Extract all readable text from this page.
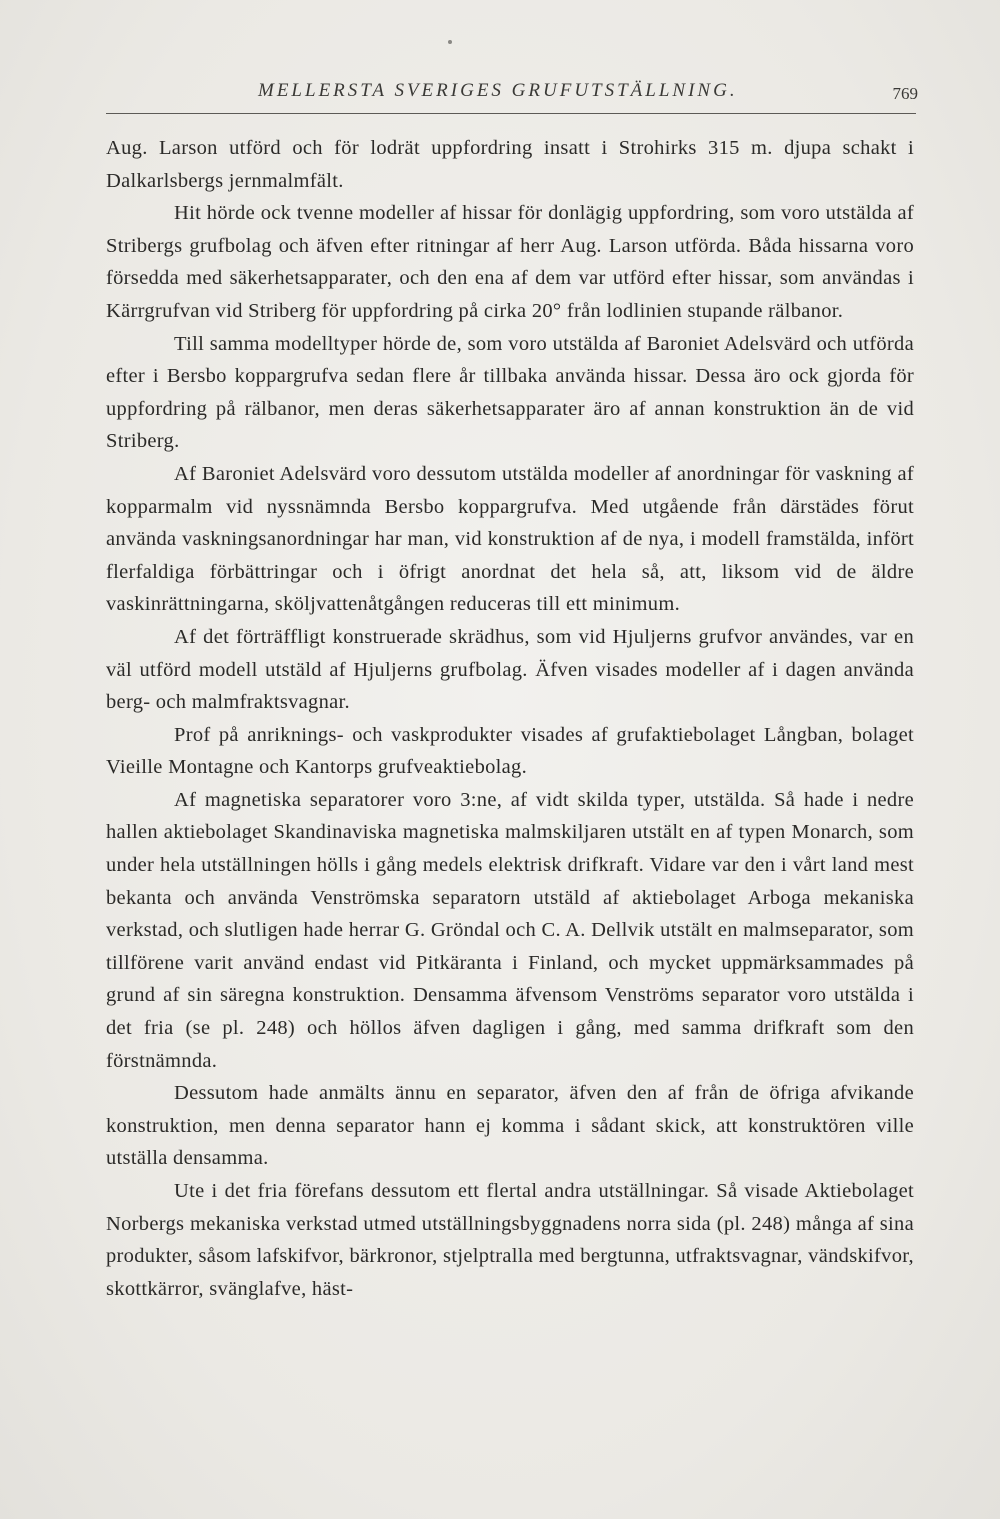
MELLERSTA SVERIGES GRUFUTSTÄLLNING.	769

Aug. Larson utförd och för lodrät uppfordring insatt i Strohirks 315 m. djupa schakt i Dalkarlsbergs jernmalmfält.

Hit hörde ock tvenne modeller af hissar för donlägig uppfordring, som voro utstälda af Stribergs grufbolag och äfven efter ritningar af herr Aug. Larson utförda. Båda hissarna voro försedda med säkerhetsapparater, och den ena af dem var utförd efter hissar, som användas i Kärrgrufvan vid Striberg för uppfordring på cirka 20° från lodlinien stupande rälbanor.

Till samma modelltyper hörde de, som voro utstälda af Baroniet Adelsvärd och utförda efter i Bersbo koppargrufva sedan flere år tillbaka använda hissar. Dessa äro ock gjorda för uppfordring på rälbanor, men deras säkerhetsapparater äro af annan konstruktion än de vid Striberg.

Af Baroniet Adelsvärd voro dessutom utstälda modeller af anordningar för vaskning af kopparmalm vid nyssnämnda Bersbo koppargrufva. Med utgående från därstädes förut använda vaskningsanordningar har man, vid konstruktion af de nya, i modell framstälda, infört flerfaldiga förbättringar och i öfrigt anordnat det hela så, att, liksom vid de äldre vaskinrättningarna, sköljvattenåtgången reduceras till ett minimum.

Af det förträffligt konstruerade skrädhus, som vid Hjuljerns grufvor användes, var en väl utförd modell utstäld af Hjuljerns grufbolag. Äfven visades modeller af i dagen använda berg- och malmfraktsvagnar.

Prof på anriknings- och vaskprodukter visades af grufaktiebolaget Långban, bolaget Vieille Montagne och Kantorps grufveaktiebolag.

Af magnetiska separatorer voro 3:ne, af vidt skilda typer, utstälda. Så hade i nedre hallen aktiebolaget Skandinaviska magnetiska malmskiljaren utstält en af typen Monarch, som under hela utställningen hölls i gång medels elektrisk drifkraft. Vidare var den i vårt land mest bekanta och använda Venströmska separatorn utstäld af aktiebolaget Arboga mekaniska verkstad, och slutligen hade herrar G. Gröndal och C. A. Dellvik utstält en malmseparator, som tillförene varit använd endast vid Pitkäranta i Finland, och mycket uppmärksammades på grund af sin säregna konstruktion. Densamma äfvensom Venströms separator voro utstälda i det fria (se pl. 248) och höllos äfven dagligen i gång, med samma drifkraft som den förstnämnda.

Dessutom hade anmälts ännu en separator, äfven den af från de öfriga afvikande konstruktion, men denna separator hann ej komma i sådant skick, att konstruktören ville utställa densamma.

Ute i det fria förefans dessutom ett flertal andra utställningar. Så visade Aktiebolaget Norbergs mekaniska verkstad utmed utställningsbyggnadens norra sida (pl. 248) många af sina produkter, såsom lafskifvor, bärkronor, stjelptralla med bergtunna, utfraktsvagnar, vändskifvor, skottkärror, svänglafve, häst-
